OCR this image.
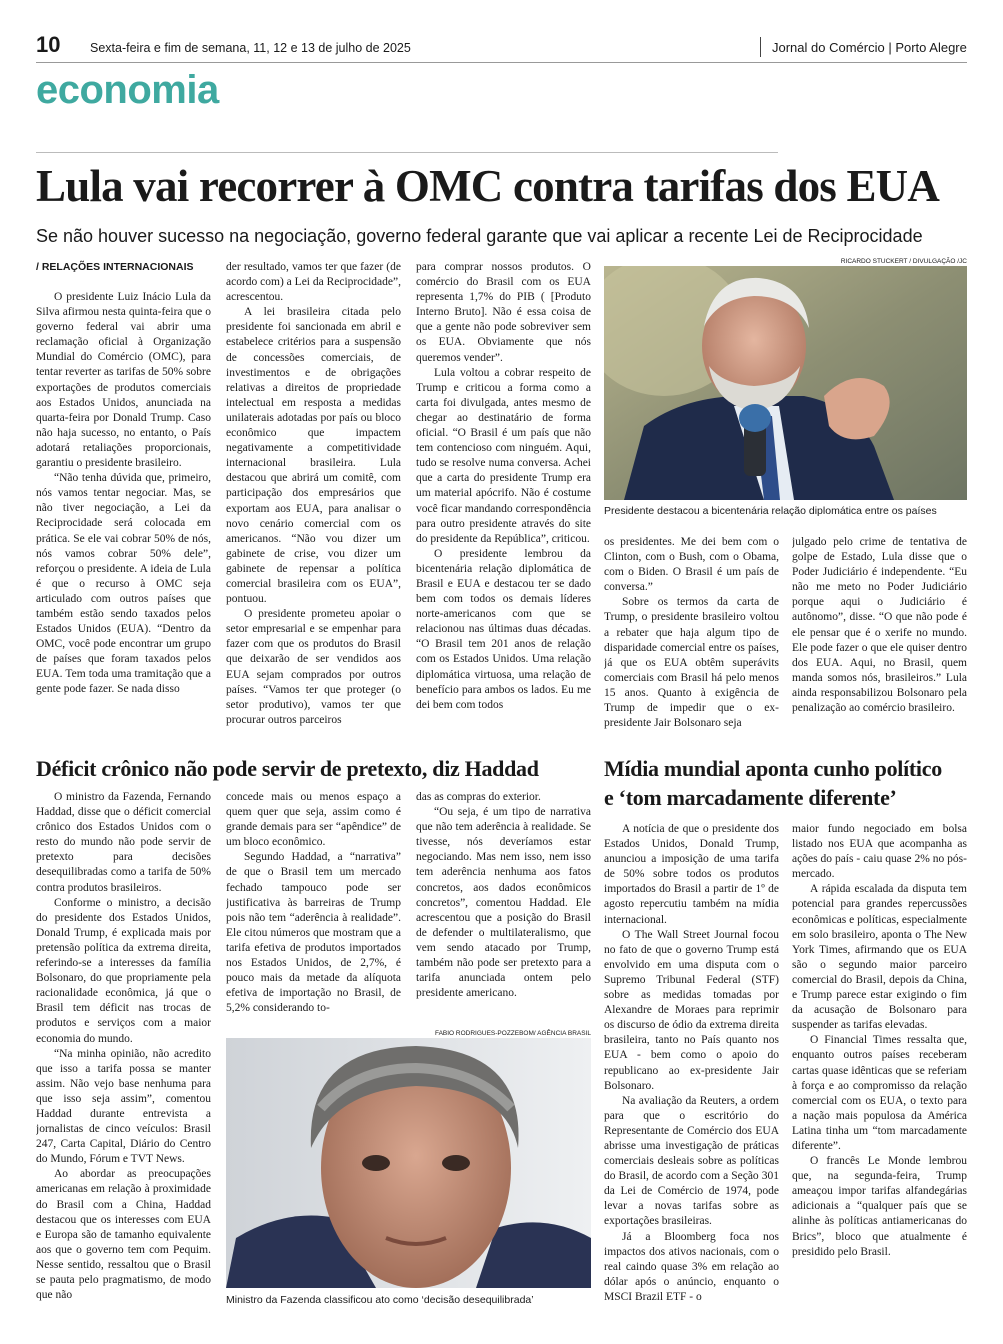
10 Sexta-feira e fim de semana, 11, 12 e 13 de julho de 2025	Jornal do Comércio | Porto Alegre
economia
Lula vai recorrer à OMC contra tarifas dos EUA
Se não houver sucesso na negociação, governo federal garante que vai aplicar a recente Lei de Reciprocidade
/ RELAÇÕES INTERNACIONAIS

O presidente Luiz Inácio Lula da Silva afirmou nesta quinta-feira que o governo federal vai abrir uma reclamação oficial à Organização Mundial do Comércio (OMC), para tentar reverter as tarifas de 50% sobre exportações de produtos comerciais aos Estados Unidos, anunciada na quarta-feira por Donald Trump. Caso não haja sucesso, no entanto, o País adotará retaliações proporcionais, garantiu o presidente brasileiro.

“Não tenha dúvida que, primeiro, nós vamos tentar negociar. Mas, se não tiver negociação, a Lei da Reciprocidade será colocada em prática. Se ele vai cobrar 50% de nós, nós vamos cobrar 50% dele”, reforçou o presidente. A ideia de Lula é que o recurso à OMC seja articulado com outros países que também estão sendo taxados pelos Estados Unidos (EUA). “Dentro da OMC, você pode encontrar um grupo de países que foram taxados pelos EUA. Tem toda uma tramitação que a gente pode fazer. Se nada disso

der resultado, vamos ter que fazer (de acordo com) a Lei da Reciprocidade”, acrescentou.

A lei brasileira citada pelo presidente foi sancionada em abril e estabelece critérios para a suspensão de concessões comerciais, de investimentos e de obrigações relativas a direitos de propriedade intelectual em resposta a medidas unilaterais adotadas por país ou bloco econômico que impactem negativamente a competitividade internacional brasileira. Lula destacou que abrirá um comitê, com participação dos empresários que exportam aos EUA, para analisar o novo cenário comercial com os americanos. “Não vou dizer um gabinete de crise, vou dizer um gabinete de repensar a política comercial brasileira com os EUA”, pontuou.

O presidente prometeu apoiar o setor empresarial e se empenhar para fazer com que os produtos do Brasil que deixarão de ser vendidos aos EUA sejam comprados por outros países. “Vamos ter que proteger (o setor produtivo), vamos ter que procurar outros parceiros

para comprar nossos produtos. O comércio do Brasil com os EUA representa 1,7% do PIB ( [Produto Interno Bruto]. Não é essa coisa de que a gente não pode sobreviver sem os EUA. Obviamente que nós queremos vender”.

Lula voltou a cobrar respeito de Trump e criticou a forma como a carta foi divulgada, antes mesmo de chegar ao destinatário de forma oficial. “O Brasil é um país que não tem contencioso com ninguém. Aqui, tudo se resolve numa conversa. Achei que a carta do presidente Trump era um material apócrifo. Não é costume você ficar mandando correspondência para outro presidente através do site do presidente da República”, criticou.

O presidente lembrou da bicentenária relação diplomática de Brasil e EUA e destacou ter se dado bem com todos os demais líderes norte-americanos com que se relacionou nas últimas duas décadas. “O Brasil tem 201 anos de relação com os Estados Unidos. Uma relação diplomática virtuosa, uma relação de benefício para ambos os lados. Eu me dei bem com todos

RICARDO STUCKERT / DIVULGAÇÃO /JC
Presidente destacou a bicentenária relação diplomática entre os países

os presidentes. Me dei bem com o Clinton, com o Bush, com o Obama, com o Biden. O Brasil é um país de conversa.”

Sobre os termos da carta de Trump, o presidente brasileiro voltou a rebater que haja algum tipo de disparidade comercial entre os países, já que os EUA obtêm superávits comerciais com Brasil há pelo menos 15 anos. Quanto à exigência de Trump de impedir que o ex-presidente Jair Bolsonaro seja

julgado pelo crime de tentativa de golpe de Estado, Lula disse que o Poder Judiciário é independente. “Eu não me meto no Poder Judiciário porque aqui o Judiciário é autônomo”, disse. “O que não pode é ele pensar que é o xerife no mundo. Ele pode fazer o que ele quiser dentro dos EUA. Aqui, no Brasil, quem manda somos nós, brasileiros.” Lula ainda responsabilizou Bolsonaro pela penalização ao comércio brasileiro.

Déficit crônico não pode servir de pretexto, diz Haddad

O ministro da Fazenda, Fernando Haddad, disse que o déficit comercial crônico dos Estados Unidos com o resto do mundo não pode servir de pretexto para decisões desequilibradas como a tarifa de 50% contra produtos brasileiros.

Conforme o ministro, a decisão do presidente dos Estados Unidos, Donald Trump, é explicada mais por pretensão política da extrema direita, referindo-se a interesses da família Bolsonaro, do que propriamente pela racionalidade econômica, já que o Brasil tem déficit nas trocas de produtos e serviços com a maior economia do mundo.

“Na minha opinião, não acredito que isso a tarifa possa se manter assim. Não vejo base nenhuma para que isso seja assim”, comentou Haddad durante entrevista a jornalistas de cinco veículos: Brasil 247, Carta Capital, Diário do Centro do Mundo, Fórum e TVT News.

Ao abordar as preocupações americanas em relação à proximidade do Brasil com a China, Haddad destacou que os interesses com EUA e Europa são de tamanho equivalente aos que o governo tem com Pequim. Nesse sentido, ressaltou que o Brasil se pauta pelo pragmatismo, de modo que não

concede mais ou menos espaço a quem quer que seja, assim como é grande demais para ser “apêndice” de um bloco econômico.

Segundo Haddad, a “narrativa” de que o Brasil tem um mercado fechado tampouco pode ser justificativa às barreiras de Trump pois não tem “aderência à realidade”. Ele citou números que mostram que a tarifa efetiva de produtos importados nos Estados Unidos, de 2,7%, é pouco mais da metade da alíquota efetiva de importação no Brasil, de 5,2% considerando to-

das as compras do exterior.

“Ou seja, é um tipo de narrativa que não tem aderência à realidade. Se tivesse, nós deveríamos estar negociando. Mas nem isso, nem isso tem aderência nenhuma aos fatos concretos, aos dados econômicos concretos”, comentou Haddad. Ele acrescentou que a posição do Brasil de defender o multilateralismo, que vem sendo atacado por Trump, também não pode ser pretexto para a tarifa anunciada ontem pelo presidente americano.

FABIO RODRIGUES-POZZEBOM/ AGÊNCIA BRASIL
Ministro da Fazenda classificou ato como ‘decisão desequilibrada’
Mídia mundial aponta cunho político
e ‘tom marcadamente diferente’

A notícia de que o presidente dos Estados Unidos, Donald Trump, anunciou a imposição de uma tarifa de 50% sobre todos os produtos importados do Brasil a partir de 1º de agosto repercutiu também na mídia internacional.

O The Wall Street Journal focou no fato de que o governo Trump está envolvido em uma disputa com o Supremo Tribunal Federal (STF) sobre as medidas tomadas por Alexandre de Moraes para reprimir os discurso de ódio da extrema direita brasileira, tanto no País quanto nos EUA - bem como o apoio do republicano ao ex-presidente Jair Bolsonaro.

Na avaliação da Reuters, a ordem para que o escritório do Representante de Comércio dos EUA abrisse uma investigação de práticas comerciais desleais sobre as políticas do Brasil, de acordo com a Seção 301 da Lei de Comércio de 1974, pode levar a novas tarifas sobre as exportações brasileiras.

Já a Bloomberg foca nos impactos dos ativos nacionais, com o real caindo quase 3% em relação ao dólar após o anúncio, enquanto o MSCI Brazil ETF - o

maior fundo negociado em bolsa listado nos EUA que acompanha as ações do país - caiu quase 2% no pós-mercado.

A rápida escalada da disputa tem potencial para grandes repercussões econômicas e políticas, especialmente em solo brasileiro, aponta o The New York Times, afirmando que os EUA são o segundo maior parceiro comercial do Brasil, depois da China, e Trump parece estar exigindo o fim da acusação de Bolsonaro para suspender as tarifas elevadas.

O Financial Times ressalta que, enquanto outros países receberam cartas quase idênticas que se referiam à força e ao compromisso da relação comercial com os EUA, o texto para a nação mais populosa da América Latina tinha um “tom marcadamente diferente”.

O francês Le Monde lembrou que, na segunda-feira, Trump ameaçou impor tarifas alfandegárias adicionais a “qualquer país que se alinhe às políticas antiamericanas do Brics”, bloco que atualmente é presidido pelo Brasil.
